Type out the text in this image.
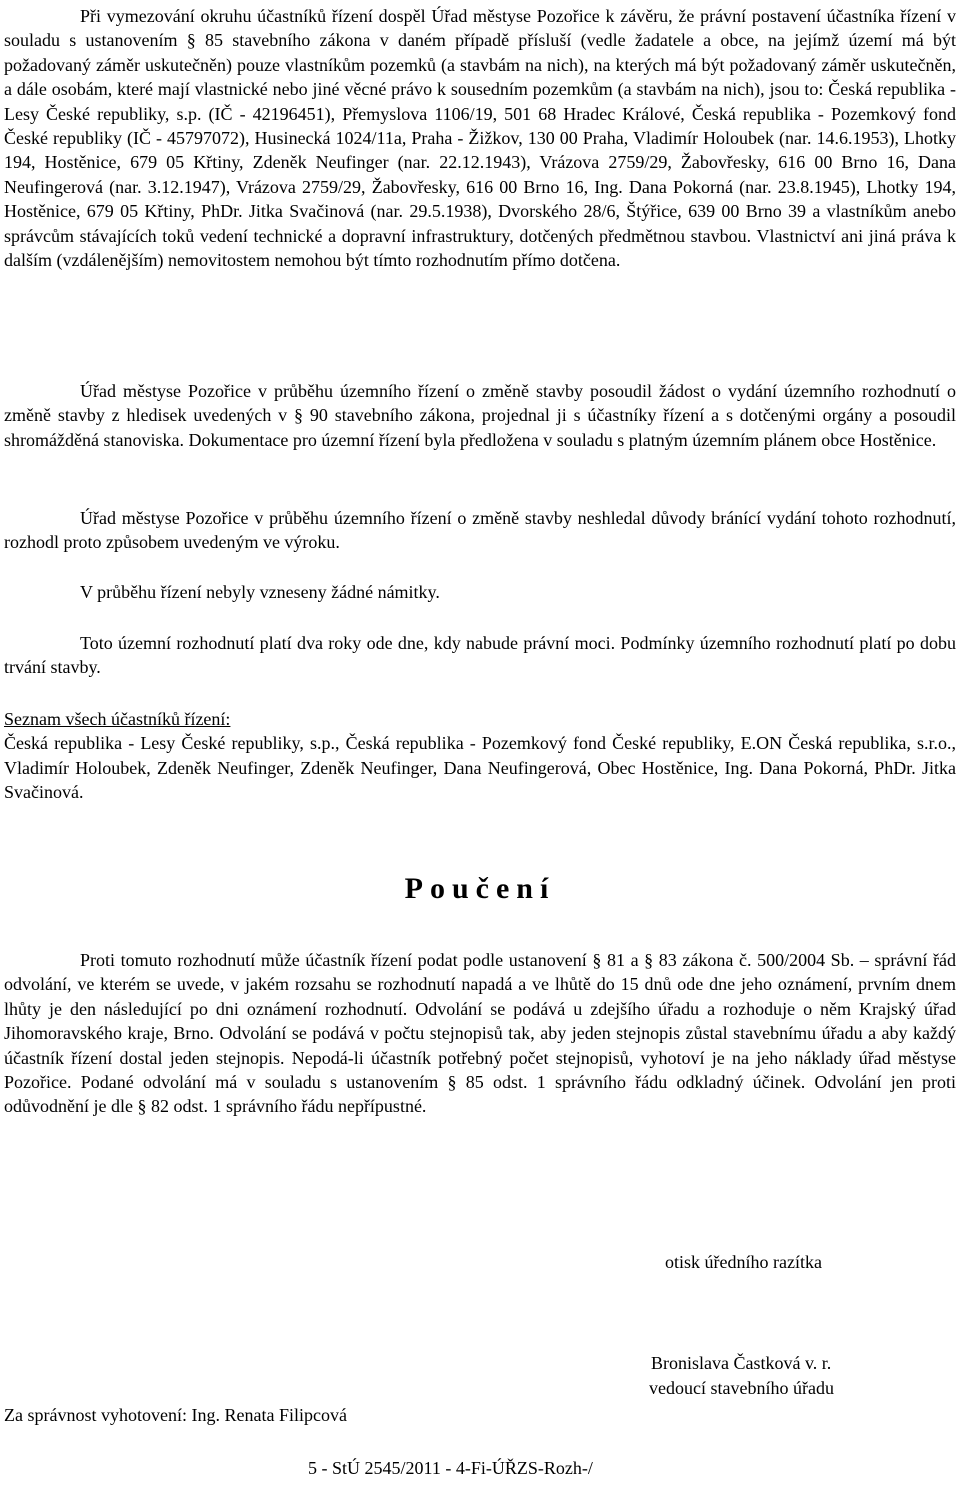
Při vymezování okruhu účastníků řízení dospěl Úřad městyse Pozořice k závěru, že právní postavení účastníka řízení v souladu s ustanovením § 85 stavebního zákona v daném případě přísluší (vedle žadatele a obce, na jejímž území má být požadovaný záměr uskutečněn) pouze vlastníkům pozemků (a stavbám na nich), na kterých má být požadovaný záměr uskutečněn, a dále osobám, které mají vlastnické nebo jiné věcné právo k sousedním pozemkům (a stavbám na nich), jsou to: Česká republika - Lesy České republiky, s.p. (IČ - 42196451), Přemyslova 1106/19, 501 68 Hradec Králové, Česká republika - Pozemkový fond České republiky (IČ - 45797072), Husinecká 1024/11a, Praha - Žižkov, 130 00 Praha, Vladimír Holoubek (nar. 14.6.1953), Lhotky 194, Hostěnice, 679 05 Křtiny, Zdeněk Neufinger (nar. 22.12.1943), Vrázova 2759/29, Žabovřesky, 616 00 Brno 16, Dana Neufingerová (nar. 3.12.1947), Vrázova 2759/29, Žabovřesky, 616 00 Brno 16, Ing. Dana Pokorná (nar. 23.8.1945), Lhotky 194, Hostěnice, 679 05 Křtiny, PhDr. Jitka Svačinová (nar. 29.5.1938), Dvorského 28/6, Štýřice, 639 00 Brno 39 a vlastníkům anebo správcům stávajících toků vedení technické a dopravní infrastruktury, dotčených předmětnou stavbou. Vlastnictví ani jiná práva k dalším (vzdálenějším) nemovitostem nemohou být tímto rozhodnutím přímo dotčena.

Úřad městyse Pozořice v průběhu územního řízení o změně stavby posoudil žádost o vydání územního rozhodnutí o změně stavby z hledisek uvedených v § 90 stavebního zákona, projednal ji s účastníky řízení a s dotčenými orgány a posoudil shromážděná stanoviska. Dokumentace pro územní řízení byla předložena v souladu s platným územním plánem obce Hostěnice.

Úřad městyse Pozořice v průběhu územního řízení o změně stavby neshledal důvody bránící vydání tohoto rozhodnutí, rozhodl proto způsobem uvedeným ve výroku.

V průběhu řízení nebyly vzneseny žádné námitky.

Toto územní rozhodnutí platí dva roky ode dne, kdy nabude právní moci. Podmínky územního rozhodnutí platí po dobu trvání stavby.

Seznam všech účastníků řízení:
Česká republika - Lesy České republiky, s.p., Česká republika - Pozemkový fond České republiky, E.ON Česká republika, s.r.o., Vladimír Holoubek, Zdeněk Neufinger, Zdeněk Neufinger, Dana Neufingerová, Obec Hostěnice, Ing. Dana Pokorná, PhDr. Jitka Svačinová.
Poučení

Proti tomuto rozhodnutí může účastník řízení podat podle ustanovení § 81 a § 83 zákona č. 500/2004 Sb. – správní řád odvolání, ve kterém se uvede, v jakém rozsahu se rozhodnutí napadá a ve lhůtě do 15 dnů ode dne jeho oznámení, prvním dnem lhůty je den následující po dni oznámení rozhodnutí. Odvolání se podává u zdejšího úřadu a rozhoduje o něm Krajský úřad Jihomoravského kraje, Brno. Odvolání se podává v počtu stejnopisů tak, aby jeden stejnopis zůstal stavebnímu úřadu a aby každý účastník řízení dostal jeden stejnopis. Nepodá-li účastník potřebný počet stejnopisů, vyhotoví je na jeho náklady úřad městyse Pozořice. Podané odvolání má v souladu s ustanovením § 85 odst. 1 správního řádu odkladný účinek. Odvolání jen proti odůvodnění je dle § 82 odst. 1 správního řádu nepřípustné.

otisk úředního razítka
Bronislava Častková v. r.
vedoucí stavebního úřadu
Za správnost vyhotovení: Ing. Renata Filipcová
5 - StÚ 2545/2011 - 4-Fi-ÚŘZS-Rozh-/
